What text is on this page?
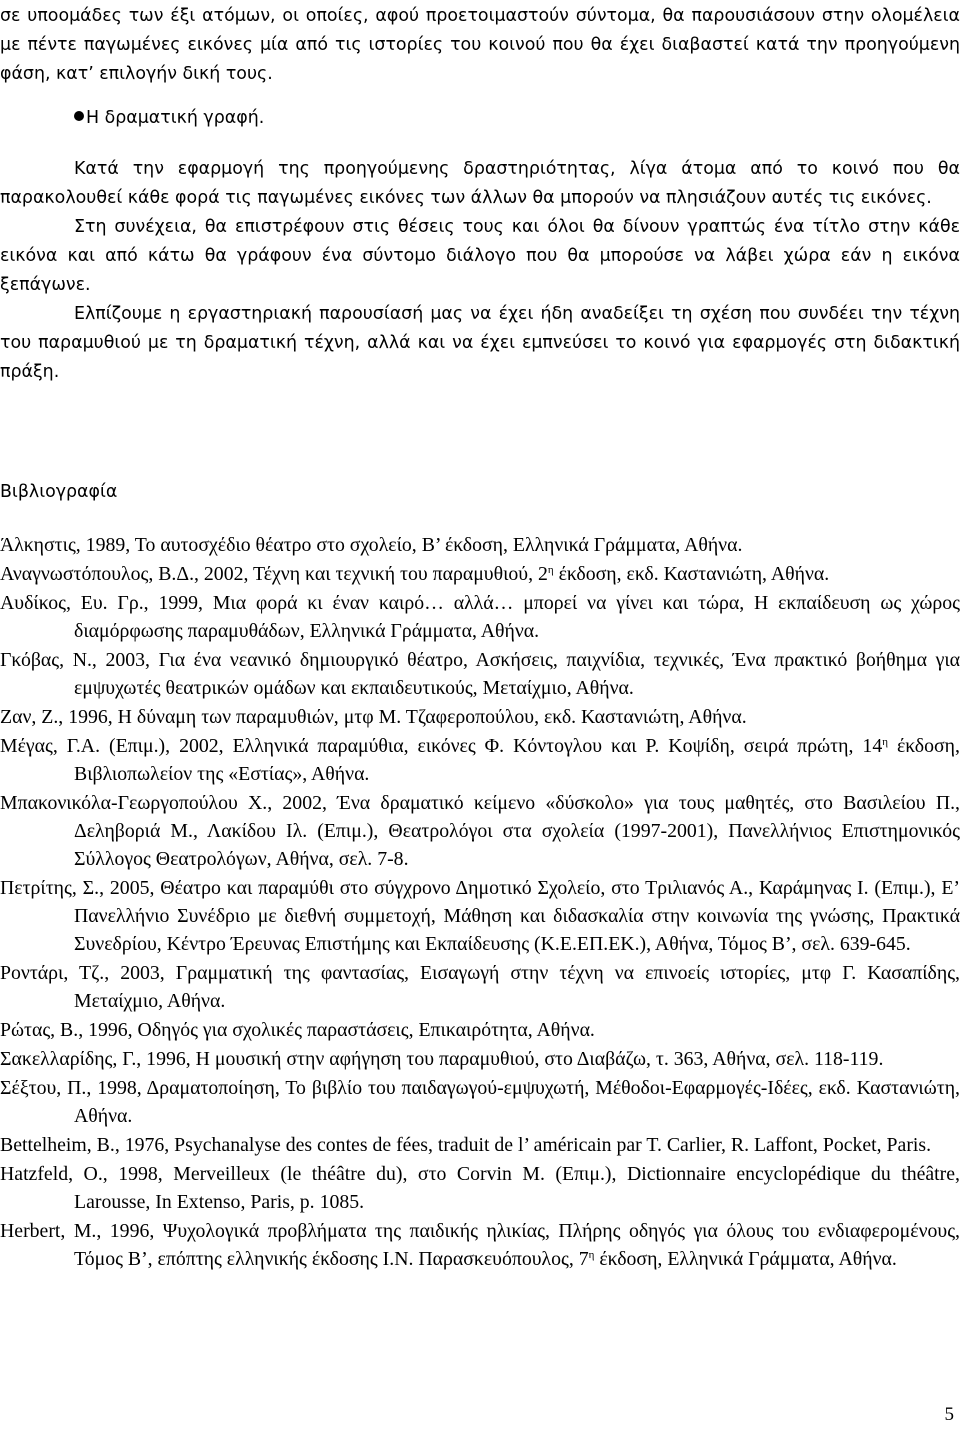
σε υποομάδες των έξι ατόμων, οι οποίες, αφού προετοιμαστούν σύντομα, θα παρουσιάσουν στην ολομέλεια με πέντε παγωμένες εικόνες μία από τις ιστορίες του κοινού που θα έχει διαβαστεί κατά την προηγούμενη φάση, κατ’ επιλογήν δική τους.

Η δραματική γραφή.

Κατά την εφαρμογή της προηγούμενης δραστηριότητας, λίγα άτομα από το κοινό που θα παρακολουθεί κάθε φορά τις παγωμένες εικόνες των άλλων θα μπορούν να πλησιάζουν αυτές τις εικόνες.

Στη συνέχεια, θα επιστρέφουν στις θέσεις τους και όλοι θα δίνουν γραπτώς ένα τίτλο στην κάθε εικόνα και από κάτω θα γράφουν ένα σύντομο διάλογο που θα μπορούσε να λάβει χώρα εάν η εικόνα ξεπάγωνε.

Ελπίζουμε η εργαστηριακή παρουσίασή μας να έχει ήδη αναδείξει τη σχέση που συνδέει την τέχνη του παραμυθιού με τη δραματική τέχνη, αλλά και να έχει εμπνεύσει το κοινό για εφαρμογές στη διδακτική πράξη.

Βιβλιογραφία

Άλκηστις, 1989, Το αυτοσχέδιο θέατρο στο σχολείο, Β’ έκδοση, Ελληνικά Γράμματα, Αθήνα.

Αναγνωστόπουλος, Β.Δ., 2002, Τέχνη και τεχνική του παραμυθιού, $2^\eta$ έκδοση, εκδ. Καστανιώτη, Αθήνα.

Αυδίκος, Ευ. Γρ., 1999, Μια φορά κι έναν καιρό… αλλά… μπορεί να γίνει και τώρα, Η εκπαίδευση ως χώρος διαμόρφωσης παραμυθάδων, Ελληνικά Γράμματα, Αθήνα.

Γκόβας, Ν., 2003, Για ένα νεανικό δημιουργικό θέατρο, Ασκήσεις, παιχνίδια, τεχνικές, Ένα πρακτικό βοήθημα για εμψυχωτές θεατρικών ομάδων και εκπαιδευτικούς, Μεταίχμιο, Αθήνα.

Ζαν, Ζ., 1996, Η δύναμη των παραμυθιών, μτφ Μ. Τζαφεροπούλου, εκδ. Καστανιώτη, Αθήνα.

Μέγας, Γ.Α. (Επιμ.), 2002, Ελληνικά παραμύθια, εικόνες Φ. Κόντογλου και Ρ. Κοψίδη, σειρά πρώτη, $14^\eta$ έκδοση, Βιβλιοπωλείον της «Εστίας», Αθήνα.

Μπακονικόλα-Γεωργοπούλου Χ., 2002, Ένα δραματικό κείμενο «δύσκολο» για τους μαθητές, στο Βασιλείου Π., Δεληβοριά Μ., Λακίδου Ιλ. (Επιμ.), Θεατρολόγοι στα σχολεία (1997-2001), Πανελλήνιος Επιστημονικός Σύλλογος Θεατρολόγων, Αθήνα, σελ. 7-8.

Πετρίτης, Σ., 2005, Θέατρο και παραμύθι στο σύγχρονο Δημοτικό Σχολείο, στο Τριλιανός Α., Καράμηνας Ι. (Επιμ.), Ε’ Πανελλήνιο Συνέδριο με διεθνή συμμετοχή, Μάθηση και διδασκαλία στην κοινωνία της γνώσης, Πρακτικά Συνεδρίου, Κέντρο Έρευνας Επιστήμης και Εκπαίδευσης (Κ.Ε.ΕΠ.ΕΚ.), Αθήνα, Τόμος Β’, σελ. 639-645.

Ροντάρι, Τζ., 2003, Γραμματική της φαντασίας, Εισαγωγή στην τέχνη να επινοείς ιστορίες, μτφ Γ. Κασαπίδης, Μεταίχμιο, Αθήνα.

Ρώτας, Β., 1996, Οδηγός για σχολικές παραστάσεις, Επικαιρότητα, Αθήνα.

Σακελλαρίδης, Γ., 1996, Η μουσική στην αφήγηση του παραμυθιού, στο Διαβάζω, τ. 363, Αθήνα, σελ. 118-119.

Σέξτου, Π., 1998, Δραματοποίηση, Το βιβλίο του παιδαγωγού-εμψυχωτή, Μέθοδοι-Εφαρμογές-Ιδέες, εκδ. Καστανιώτη, Αθήνα.

Bettelheim, B., 1976, Psychanalyse des contes de fées, traduit de l’ américain par T. Carlier, R. Laffont, Pocket, Paris.

Hatzfeld, O., 1998, Merveilleux (le théâtre du), στο Corvin M. (Επιμ.), Dictionnaire encyclopédique du théâtre, Larousse, In Extenso, Paris, p. 1085.

Herbert, M., 1996, Ψυχολογικά προβλήματα της παιδικής ηλικίας, Πλήρης οδηγός για όλους του ενδιαφερομένους, Τόμος Β’, επόπτης ελληνικής έκδοσης Ι.Ν. Παρασκευόπουλος, $7^\eta$ έκδοση, Ελληνικά Γράμματα, Αθήνα.

5
